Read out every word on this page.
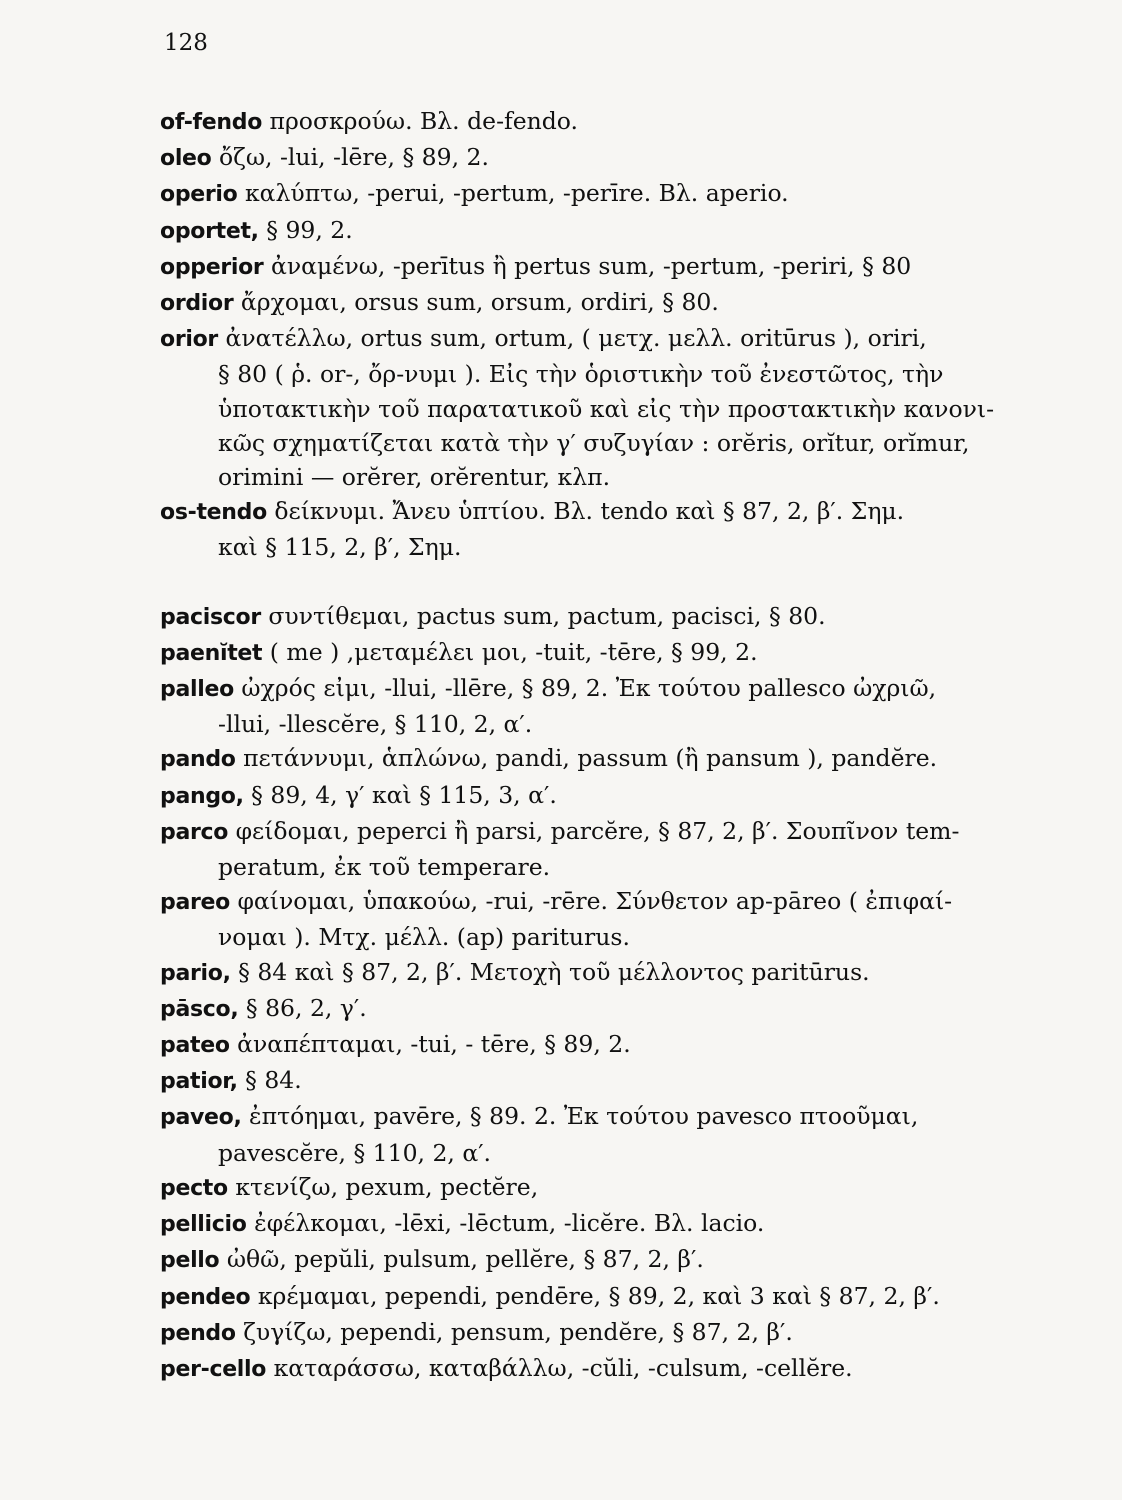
128
of-fendo προσκρούω. Βλ. de-fendo.
oleo ὄζω, -lui, -lēre, § 89, 2.
operio καλύπτω, -perui, -pertum, -perīre. Βλ. aperio.
oportet, § 99, 2.
opperior ἀναμένω, -perītus ἢ pertus sum, -pertum, -periri, § 80
ordior ἄρχομαι, orsus sum, orsum, ordiri, § 80.
orior ἀνατέλλω, ortus sum, ortum, ( μετχ. μελλ. oritūrus ), oriri,
§ 80 ( ῥ. or-, ὄρ-νυμι ). Εἰς τὴν ὁριστικὴν τοῦ ἐνεστῶτος, τὴν
ὑποτακτικὴν τοῦ παρατατικοῦ καὶ εἰς τὴν προστακτικὴν κανονι-
κῶς σχηματίζεται κατὰ τὴν γ′ συζυγίαν : orĕris, orĭtur, orĭmur,
orimini — orĕrer, orĕrentur, κλπ.
os-tendo δείκνυμι. Ἄνευ ὑπτίου. Βλ. tendo καὶ § 87, 2, β′. Σημ.
καὶ § 115, 2, β′, Σημ.
paciscor συντίθεμαι, pactus sum, pactum, pacisci, § 80.
paenĭtet ( me ) ,μεταμέλει μοι, -tuit, -tēre, § 99, 2.
palleo ὠχρός εἰμι, -llui, -llēre, § 89, 2. Ἐκ τούτου pallesco ὠχριῶ,
-llui, -llescĕre, § 110, 2, α′.
pando πετάννυμι, ἁπλώνω, pandi, passum (ἢ pansum ), pandĕre.
pango, § 89, 4, γ′ καὶ § 115, 3, α′.
parco φείδομαι, peperci ἢ parsi, parcĕre, § 87, 2, β′. Σουπῖνον tem-
peratum, ἐκ τοῦ temperare.
pareo φαίνομαι, ὑπακούω, -rui, -rēre. Σύνθετον ap-pāreo ( ἐπιφαί-
νομαι ). Μτχ. μέλλ. (ap) pariturus.
pario, § 84 καὶ § 87, 2, β′. Μετοχὴ τοῦ μέλλοντος paritūrus.
pāsco, § 86, 2, γ′.
pateo ἀναπέπταμαι, -tui, - tēre, § 89, 2.
patior, § 84.
paveo, ἐπτόημαι, pavēre, § 89. 2. Ἐκ τούτου pavesco πτοοῦμαι,
pavescĕre, § 110, 2, α′.
pecto κτενίζω, pexum, pectĕre,
pellicio ἐφέλκομαι, -lēxi, -lēctum, -licĕre. Βλ. lacio.
pello ὠθῶ, pepŭli, pulsum, pellĕre, § 87, 2, β′.
pendeo κρέμαμαι, pependi, pendēre, § 89, 2, καὶ 3 καὶ § 87, 2, β′.
pendo ζυγίζω, pependi, pensum, pendĕre, § 87, 2, β′.
per-cello καταράσσω, καταβάλλω, -cŭli, -culsum, -cellĕre.
